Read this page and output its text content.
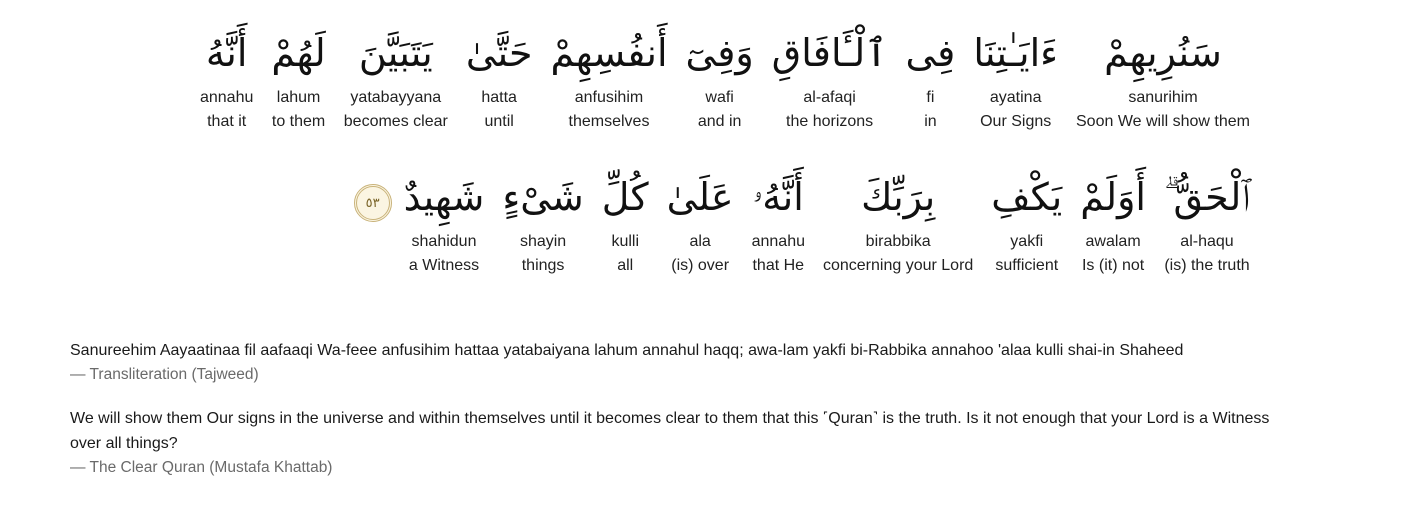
سَنُرِيهِمْ
sanurihim
Soon We will show them
ءَايَـٰتِنَا
ayatina
Our Signs
فِى
fi
in
ٱلْـَٔافَاقِ
al-afaqi
the horizons
وَفِىٓ
wafi
and in
أَنفُسِهِمْ
anfusihim
themselves
حَتَّىٰ
hatta
until
يَتَبَيَّنَ
yatabayyana
becomes clear
لَهُمْ
lahum
to them
أَنَّهُ
annahu
that it
ٱلْحَقُّ ۗ
al-haqu
(is) the truth
أَوَلَمْ
awalam
Is (it) not
يَكْفِ
yakfi
sufficient
بِرَبِّكَ
birabbika
concerning your Lord
أَنَّهُۥ
annahu
that He
عَلَىٰ
ala
(is) over
كُلِّ
kulli
all
شَىْءٍ
shayin
things
شَهِيدٌ
shahidun
a Witness
٥٣
Sanureehim Aayaatinaa fil aafaaqi Wa-feee anfusihim hattaa yatabaiyana lahum annahul haqq; awa-lam yakfi bi-Rabbika annahoo 'alaa kulli shai-in Shaheed
— Transliteration (Tajweed)
We will show them Our signs in the universe and within themselves until it becomes clear to them that this ˹Quran˺ is the truth. Is it not enough that your Lord is a Witness over all things?
— The Clear Quran (Mustafa Khattab)
